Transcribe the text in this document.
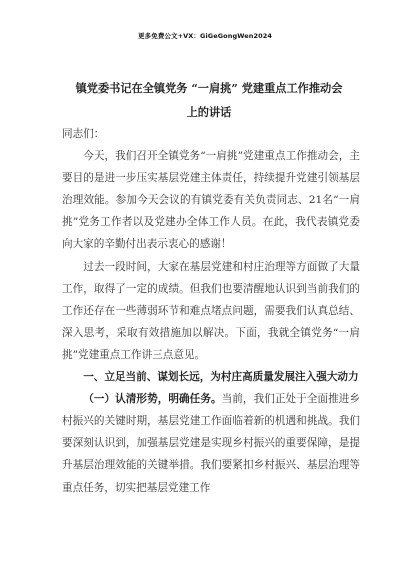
更多免费公文+VX：GiGeGongWen2024
镇党委书记在全镇党务 “一肩挑” 党建重点工作推动会
上的讲话

同志们：

今天，我们召开全镇党务“一肩挑”党建重点工作推动会，主要目的是进一步压实基层党建主体责任，持续提升党建引领基层治理效能。参加今天会议的有镇党委有关负责同志、21名“一肩挑”党务工作者以及党建办全体工作人员。在此，我代表镇党委向大家的辛勤付出表示衷心的感谢！

过去一段时间，大家在基层党建和村庄治理等方面做了大量工作，取得了一定的成绩。但我们也要清醒地认识到当前我们的工作还存在一些薄弱环节和难点堵点问题，需要我们认真总结、深入思考，采取有效措施加以解决。下面，我就全镇党务“一肩挑”党建重点工作讲三点意见。

一、立足当前、谋划长远，为村庄高质量发展注入强大动力

（一）认清形势，明确任务。当前，我们正处于全面推进乡村振兴的关键时期，基层党建工作面临着新的机遇和挑战。我们要深刻认识到，加强基层党建是实现乡村振兴的重要保障，是提升基层治理效能的关键举措。我们要紧扣乡村振兴、基层治理等重点任务，切实把基层党建工作
